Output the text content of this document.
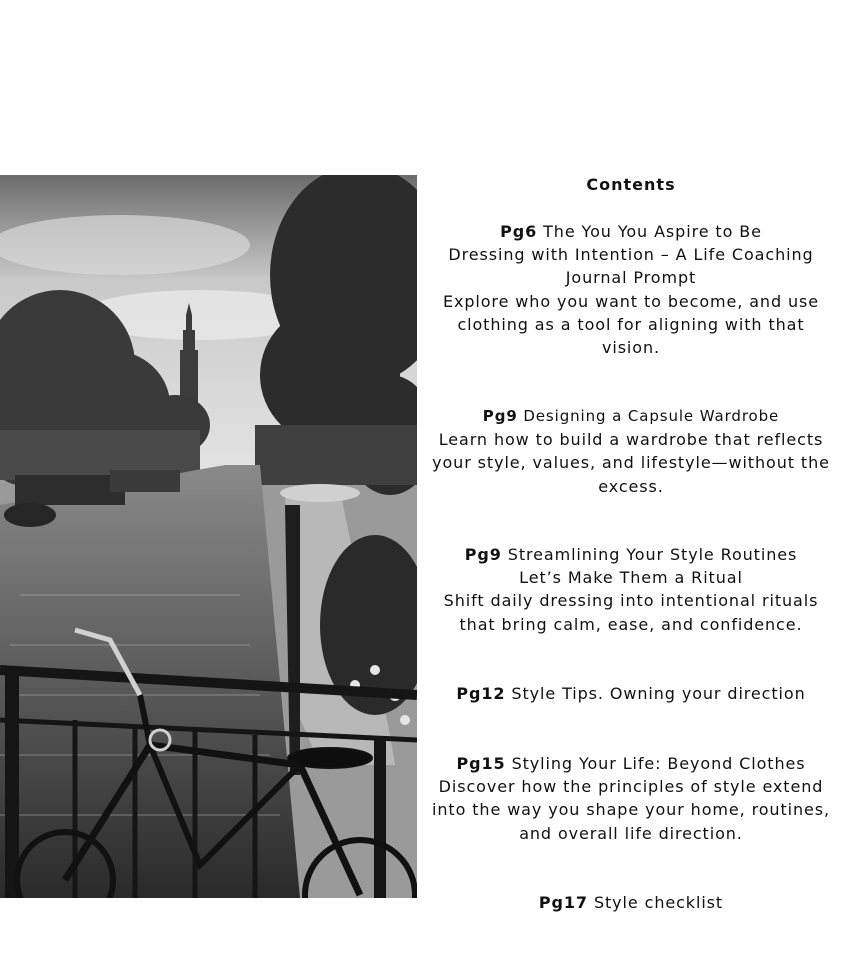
Contents

Pg6 The You You Aspire to Be

Dressing with Intention – A Life Coaching Journal Prompt

Explore who you want to become, and use clothing as a tool for aligning with that vision.

Pg9 Designing a Capsule Wardrobe

Learn how to build a wardrobe that reflects your style, values, and lifestyle—without the excess.

Pg9 Streamlining Your Style Routines

Let’s Make Them a Ritual

Shift daily dressing into intentional rituals that bring calm, ease, and confidence.

Pg12 Style Tips. Owning your direction

Pg15 Styling Your Life: Beyond Clothes

Discover how the principles of style extend into the way you shape your home, routines, and overall life direction.

Pg17 Style checklist
